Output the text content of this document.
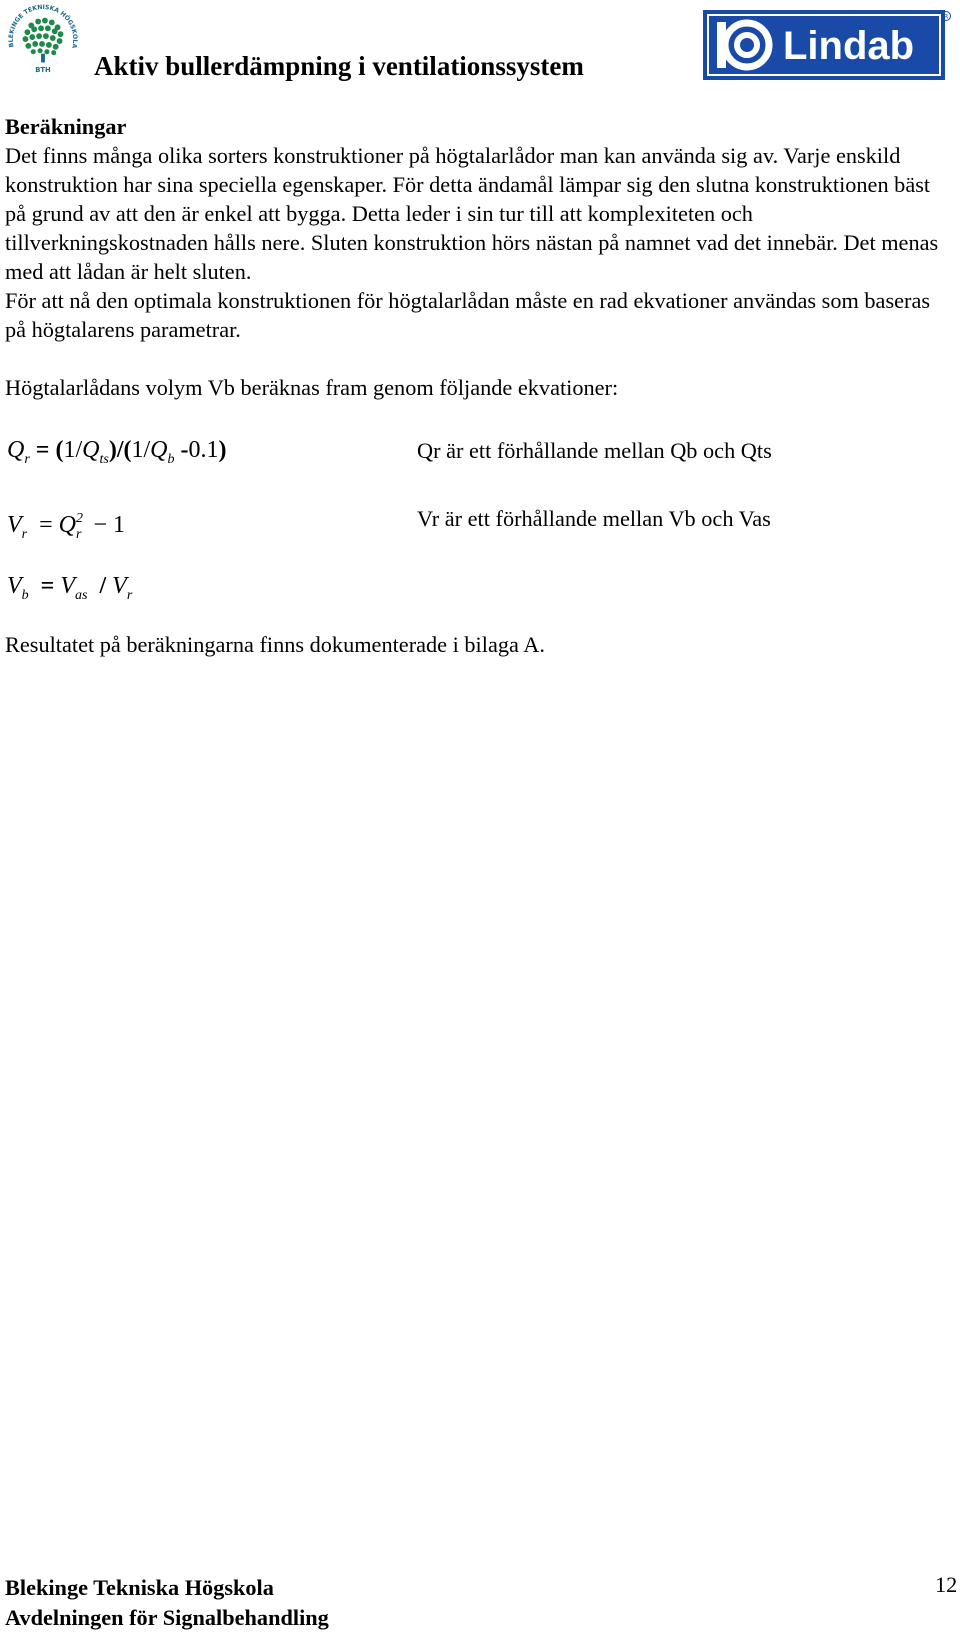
BLEKINGE TEKNISKA HÖGSKOLA
BTH Aktiv bullerdämpning i ventilationssystem	Lindab
R

Beräkningar

Det finns många olika sorters konstruktioner på högtalarlådor man kan använda sig av. Varje enskild konstruktion har sina speciella egenskaper. För detta ändamål lämpar sig den slutna konstruktionen bäst på grund av att den är enkel att bygga. Detta leder i sin tur till att komplexiteten och tillverkningskostnaden hålls nere. Sluten konstruktion hörs nästan på namnet vad det innebär. Det menas med att lådan är helt sluten.

För att nå den optimala konstruktionen för högtalarlådan måste en rad ekvationer användas som baseras på högtalarens parametrar.

Högtalarlådans volym Vb beräknas fram genom följande ekvationer:

$Q_r = (1/Q_{ts})/(1/Q_b$ -0.1)	Qr är ett förhållande mellan Qb och Qts
$V_r = Q^2_r - 1$	Vr är ett förhållande mellan Vb och Vas
$V_b = V_{as} / V_r$

Resultatet på beräkningarna finns dokumenterade i bilaga A.

Blekinge Tekniska Högskola
Avdelningen för Signalbehandling
12
